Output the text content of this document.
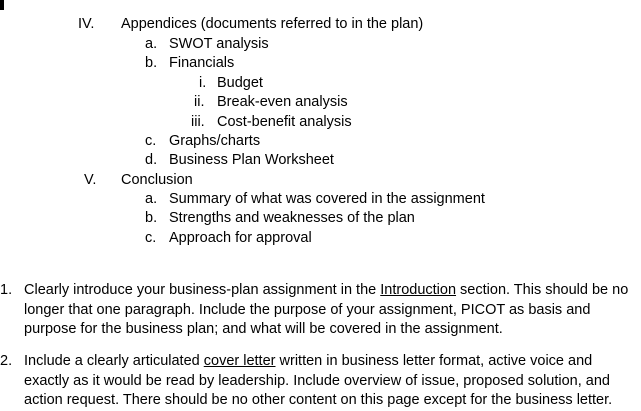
IV. Appendices (documents referred to in the plan)
a. SWOT analysis
b. Financials
i. Budget
ii. Break-even analysis
iii. Cost-benefit analysis
c. Graphs/charts
d. Business Plan Worksheet
V. Conclusion
a. Summary of what was covered in the assignment
b. Strengths and weaknesses of the plan
c. Approach for approval
1. Clearly introduce your business-plan assignment in the Introduction section. This should be no longer that one paragraph. Include the purpose of your assignment, PICOT as basis and purpose for the business plan; and what will be covered in the assignment.
2. Include a clearly articulated cover letter written in business letter format, active voice and exactly as it would be read by leadership. Include overview of issue, proposed solution, and action request. There should be no other content on this page except for the business letter.
